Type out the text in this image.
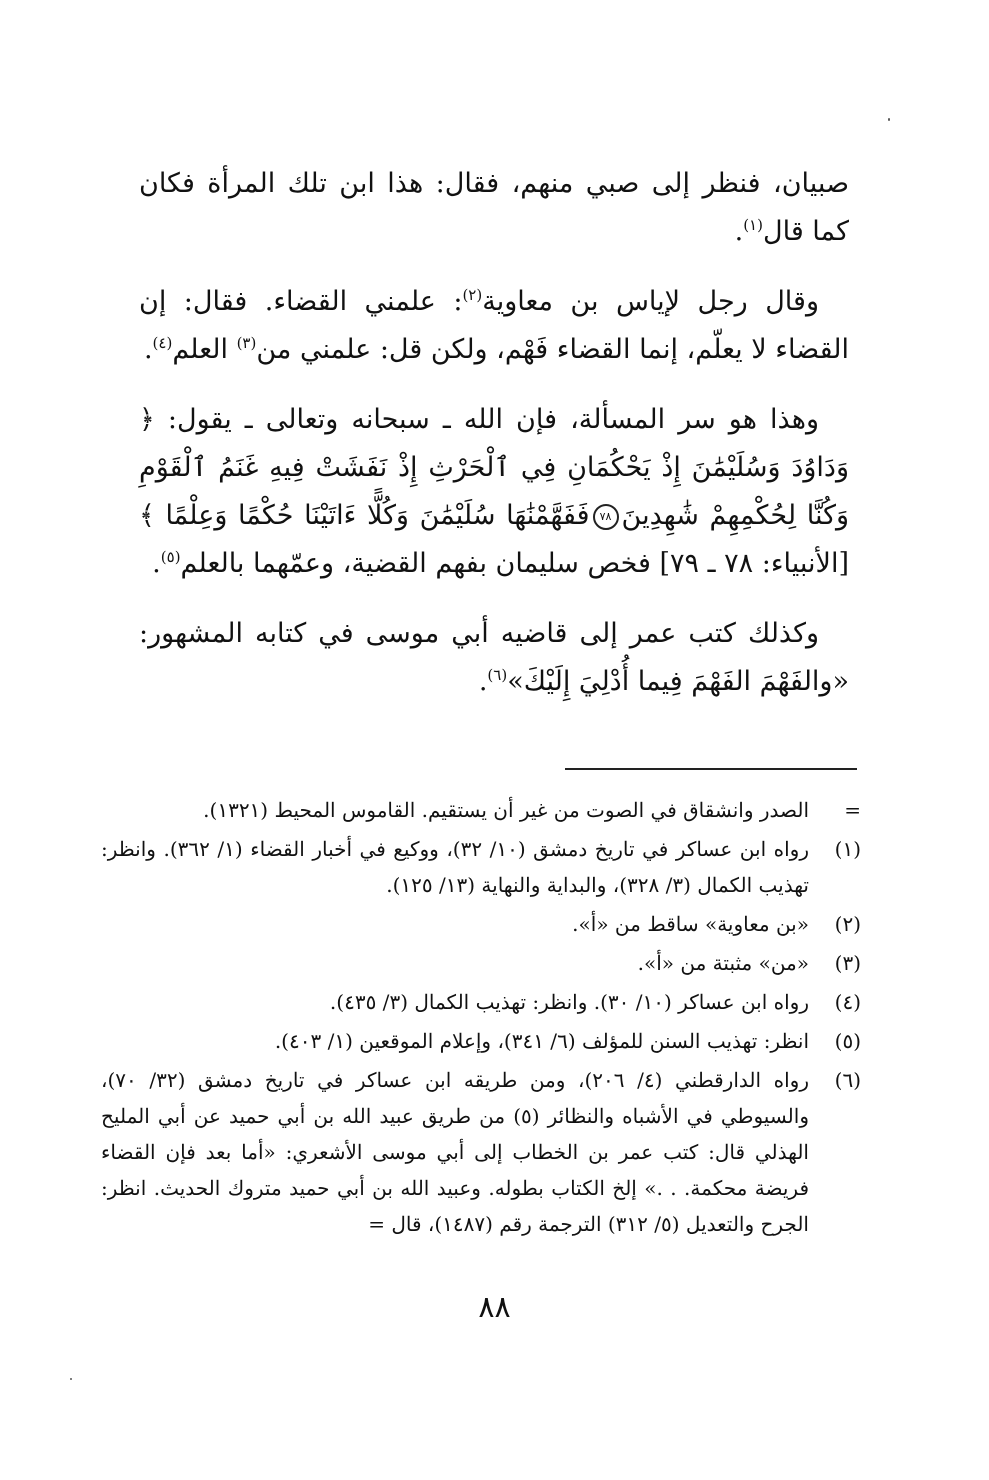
صبيان، فنظر إلى صبي منهم، فقال: هذا ابن تلك المرأة فكان كما قال$^{(١)}$.

وقال رجل لإياس بن معاوية$^{(٢)}$: علمني القضاء. فقال: إن القضاء لا يعلّم، إنما القضاء فَهْم، ولكن قل: علمني من$^{(٣)}$ العلم$^{(٤)}$.

وهذا هو سر المسألة، فإن الله ـ سبحانه وتعالى ـ يقول: ﴿ وَدَاوُدَ وَسُلَيْمَٰنَ إِذْ يَحْكُمَانِ فِي ٱلْحَرْثِ إِذْ نَفَشَتْ فِيهِ غَنَمُ ٱلْقَوْمِ وَكُنَّا لِحُكْمِهِمْ شَٰهِدِينَ٧٨فَفَهَّمْنَٰهَا سُلَيْمَٰنَ وَكُلًّا ءَاتَيْنَا حُكْمًا وَعِلْمًا ﴾ [الأنبياء: ٧٨ ـ ٧٩] فخص سليمان بفهم القضية، وعمّهما بالعلم$^{(٥)}$.

وكذلك كتب عمر إلى قاضيه أبي موسى في كتابه المشهور: «والفَهْمَ الفَهْمَ فِيما أُدْلِيَ إِلَيْكَ»$^{(٦)}$.

=
الصدر وانشقاق في الصوت من غير أن يستقيم. القاموس المحيط (١٣٢١).
(١)
رواه ابن عساكر في تاريخ دمشق (١٠/ ٣٢)، ووكيع في أخبار القضاء (١/ ٣٦٢). وانظر: تهذيب الكمال (٣/ ٣٢٨)، والبداية والنهاية (١٣/ ١٢٥).
(٢)
«بن معاوية» ساقط من «أ».
(٣)
«من» مثبتة من «أ».
(٤)
رواه ابن عساكر (١٠/ ٣٠). وانظر: تهذيب الكمال (٣/ ٤٣٥).
(٥)
انظر: تهذيب السنن للمؤلف (٦/ ٣٤١)، وإعلام الموقعين (١/ ٤٠٣).
(٦)
رواه الدارقطني (٤/ ٢٠٦)، ومن طريقه ابن عساكر في تاريخ دمشق (٣٢/ ٧٠)، والسيوطي في الأشباه والنظائر (٥) من طريق عبيد الله بن أبي حميد عن أبي المليح الهذلي قال: كتب عمر بن الخطاب إلى أبي موسى الأشعري: «أما بعد فإن القضاء فريضة محكمة. . .» إلخ الكتاب بطوله. وعبيد الله بن أبي حميد متروك الحديث. انظر: الجرح والتعديل (٥/ ٣١٢) الترجمة رقم (١٤٨٧)، قال =
٨٨
